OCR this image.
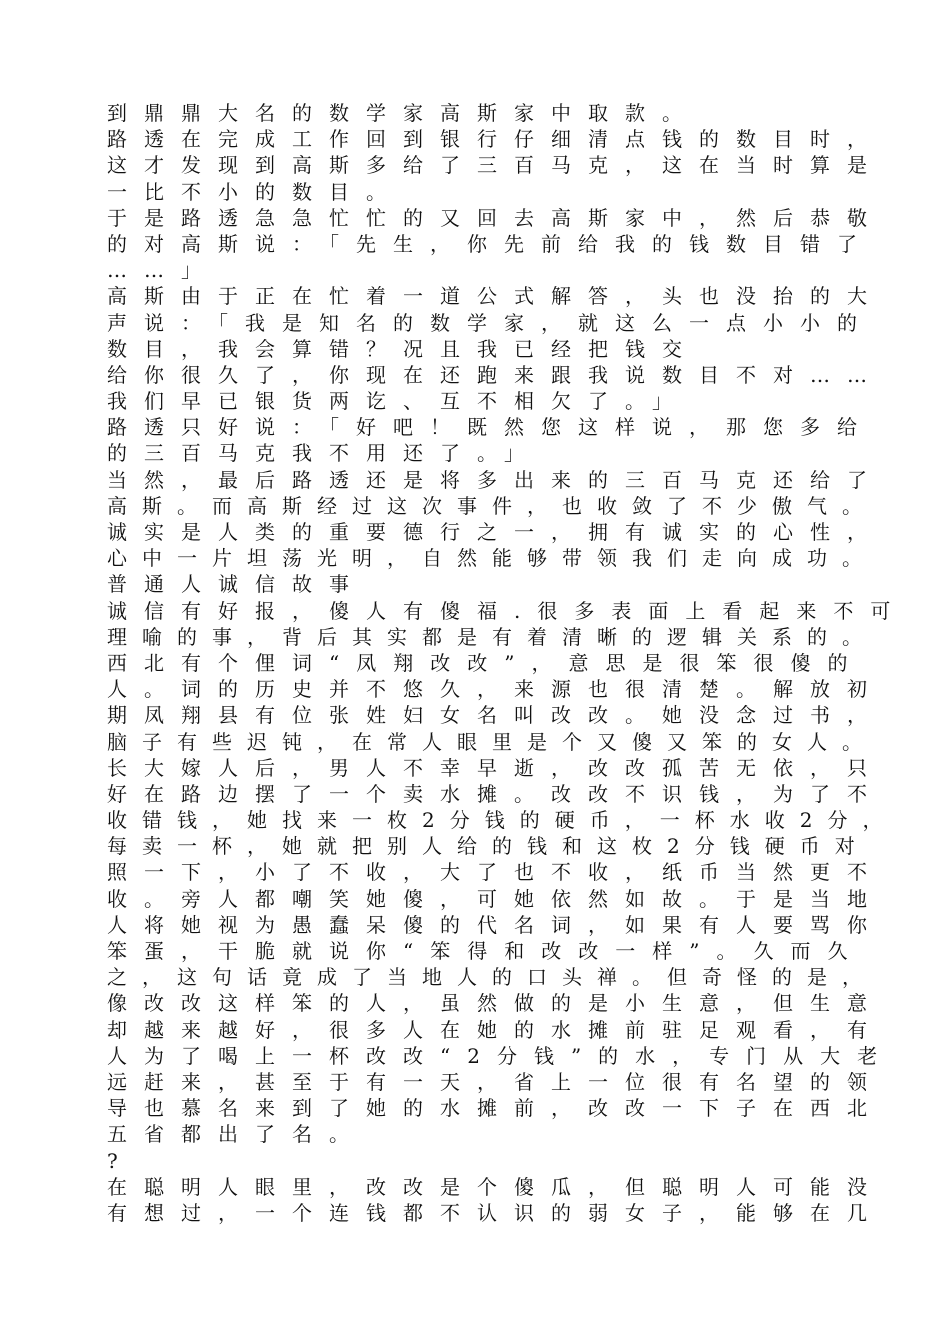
到鼎鼎大名的数学家高斯家中取款。
路透在完成工作回到银行仔细清点钱的数目时，
这才发现到高斯多给了三百马克，这在当时算是
一比不小的数目。
于是路透急急忙忙的又回去高斯家中，然后恭敬
的对高斯说：「先生，你先前给我的钱数目错了
……」
高斯由于正在忙着一道公式解答，头也没抬的大
声说：「我是知名的数学家，就这么一点小小的
数目，我会算错？况且我已经把钱交
给你很久了，你现在还跑来跟我说数目不对……
我们早已银货两讫、互不相欠了。」
路透只好说：「好吧！既然您这样说，那您多给
的三百马克我不用还了。」
当然，最后路透还是将多出来的三百马克还给了
高斯。而高斯经过这次事件，也收敛了不少傲气。
诚实是人类的重要德行之一，拥有诚实的心性，
心中一片坦荡光明，自然能够带领我们走向成功。
普通人诚信故事
诚信有好报，傻人有傻福.很多表面上看起来不可
理喻的事，背后其实都是有着清晰的逻辑关系的。
西北有个俚词“凤翔改改”，意思是很笨很傻的
人。词的历史并不悠久，来源也很清楚。解放初
期凤翔县有位张姓妇女名叫改改。她没念过书，
脑子有些迟钝，在常人眼里是个又傻又笨的女人。
长大嫁人后，男人不幸早逝，改改孤苦无依，只
好在路边摆了一个卖水摊。改改不识钱，为了不
收错钱，她找来一枚2分钱的硬币，一杯水收2分，
每卖一杯，她就把别人给的钱和这枚2分钱硬币对
照一下，小了不收，大了也不收，纸币当然更不
收。旁人都嘲笑她傻，可她依然如故。于是当地
人将她视为愚蠢呆傻的代名词，如果有人要骂你
笨蛋，干脆就说你“笨得和改改一样”。久而久
之，这句话竟成了当地人的口头禅。但奇怪的是，
像改改这样笨的人，虽然做的是小生意，但生意
却越来越好，很多人在她的水摊前驻足观看，有
人为了喝上一杯改改“2分钱”的水，专门从大老
远赶来，甚至于有一天，省上一位很有名望的领
导也慕名来到了她的水摊前，改改一下子在西北
五省都出了名。
?
在聪明人眼里，改改是个傻瓜，但聪明人可能没
有想过，一个连钱都不认识的弱女子，能够在几
